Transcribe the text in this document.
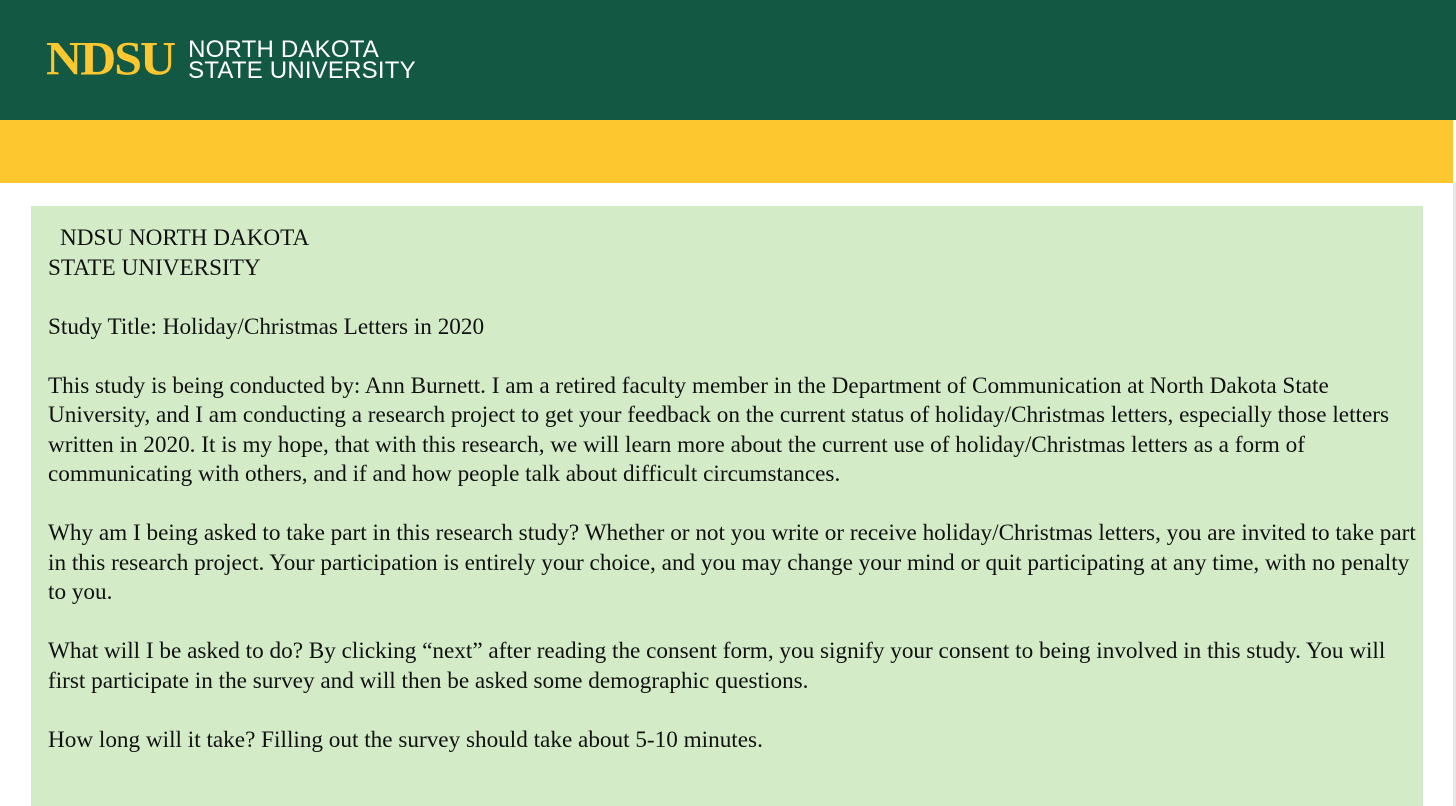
NDSU NORTH DAKOTA
STATE UNIVERSITY

NDSU NORTH DAKOTA
STATE UNIVERSITY

Study Title: Holiday/Christmas Letters in 2020

This study is being conducted by: Ann Burnett. I am a retired faculty member in the Department of Communication at North Dakota State University, and I am conducting a research project to get your feedback on the current status of holiday/Christmas letters, especially those letters written in 2020. It is my hope, that with this research, we will learn more about the current use of holiday/Christmas letters as a form of communicating with others, and if and how people talk about difficult circumstances.

Why am I being asked to take part in this research study? Whether or not you write or receive holiday/Christmas letters, you are invited to take part in this research project. Your participation is entirely your choice, and you may change your mind or quit participating at any time, with no penalty to you.

What will I be asked to do? By clicking “next” after reading the consent form, you signify your consent to being involved in this study. You will first participate in the survey and will then be asked some demographic questions.

How long will it take? Filling out the survey should take about 5-10 minutes.
